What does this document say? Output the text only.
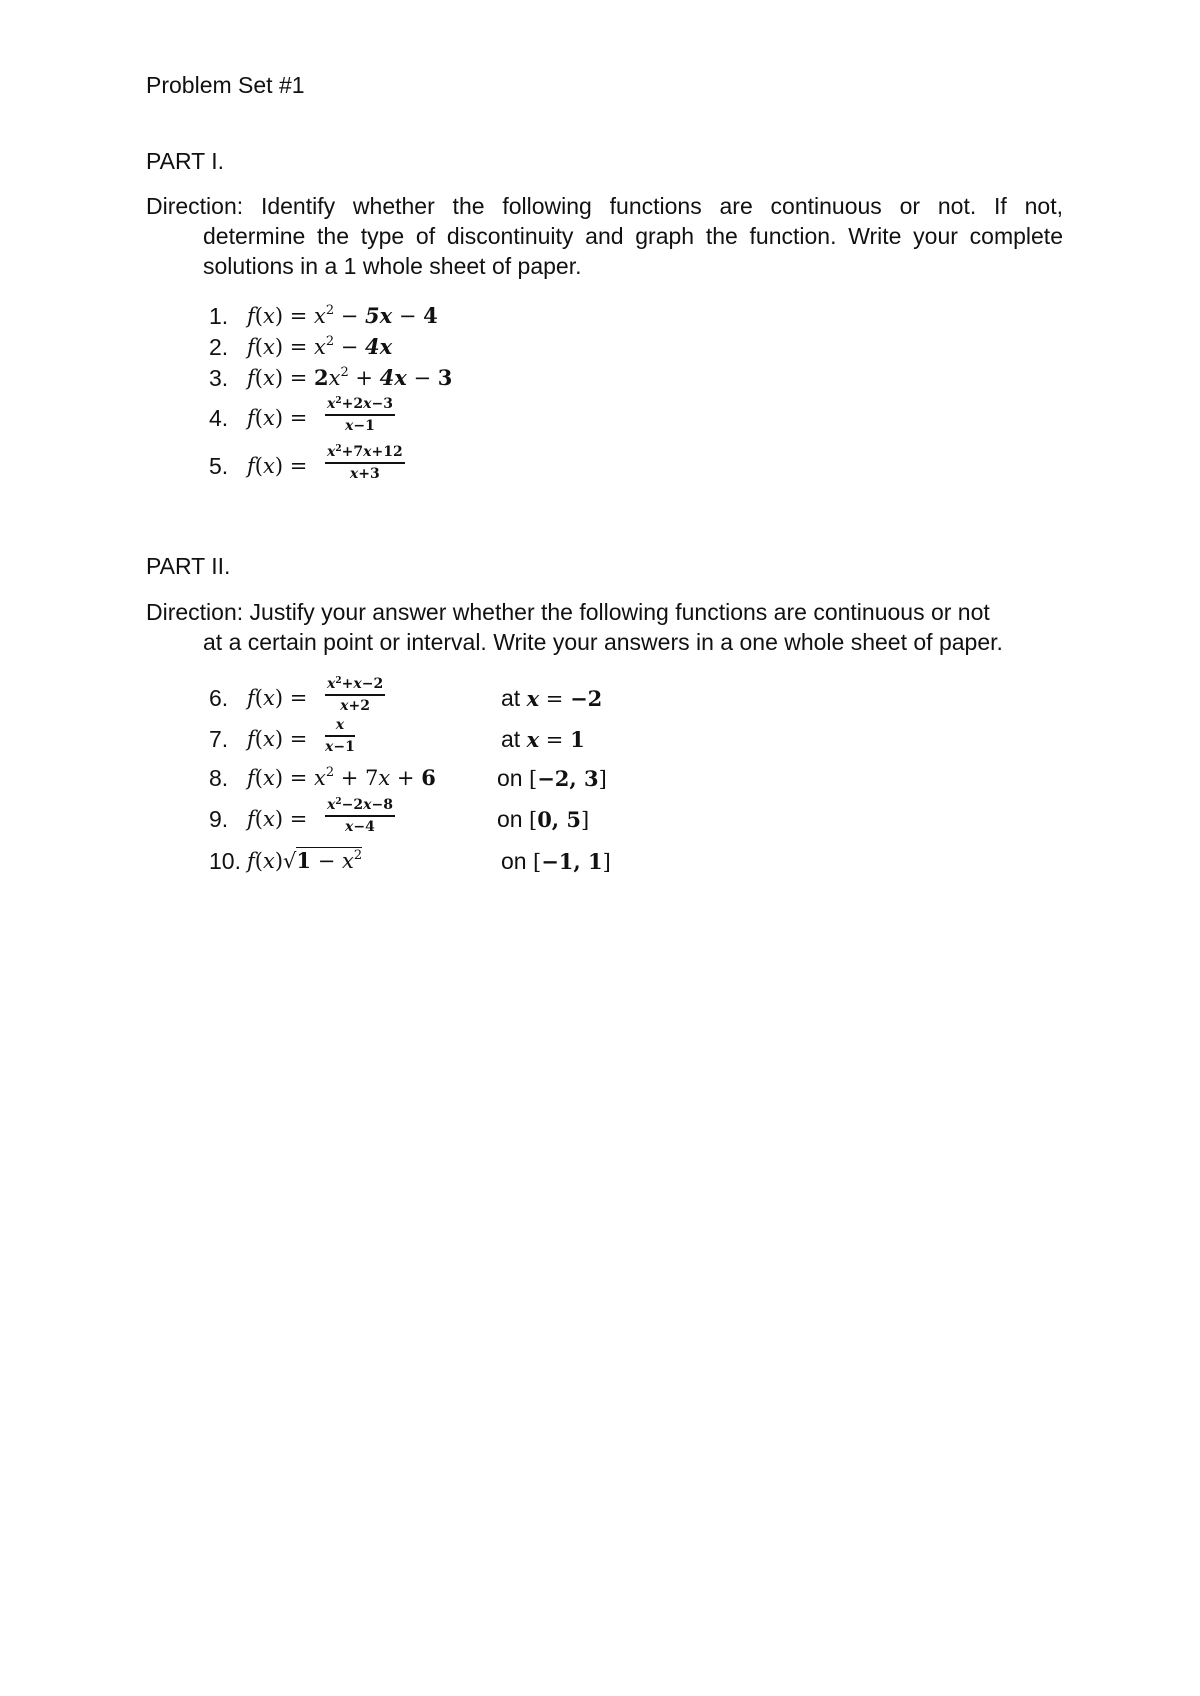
Problem Set #1
PART I.
Direction: Identify whether the following functions are continuous or not. If not,
determine the type of discontinuity and graph the function. Write your complete
solutions in a 1 whole sheet of paper.
1. $f(x) = x^2 - 5x - 4$
2. $f(x) = x^2 - 4x$
3. $f(x) = 2x^2 + 4x - 3$
4. $f(x) = \frac{x^2+2x-3}{x-1}$
5. $f(x) = \frac{x^2+7x+12}{x+3}$
PART II.
Direction: Justify your answer whether the following functions are continuous or not
at a certain point or interval. Write your answers in a one whole sheet of paper.
6. $f(x) = \frac{x^2+x-2}{x+2}$	at x = −2
7. $f(x) = \frac{x}{x-1}$	at x = 1
8. $f(x) = x^2 + 7x + 6$	on [−2, 3]
9. $f(x) = \frac{x^2-2x-8}{x-4}$	on [0, 5]
10. $f(x)√1 - x^2$	on [−1, 1]
